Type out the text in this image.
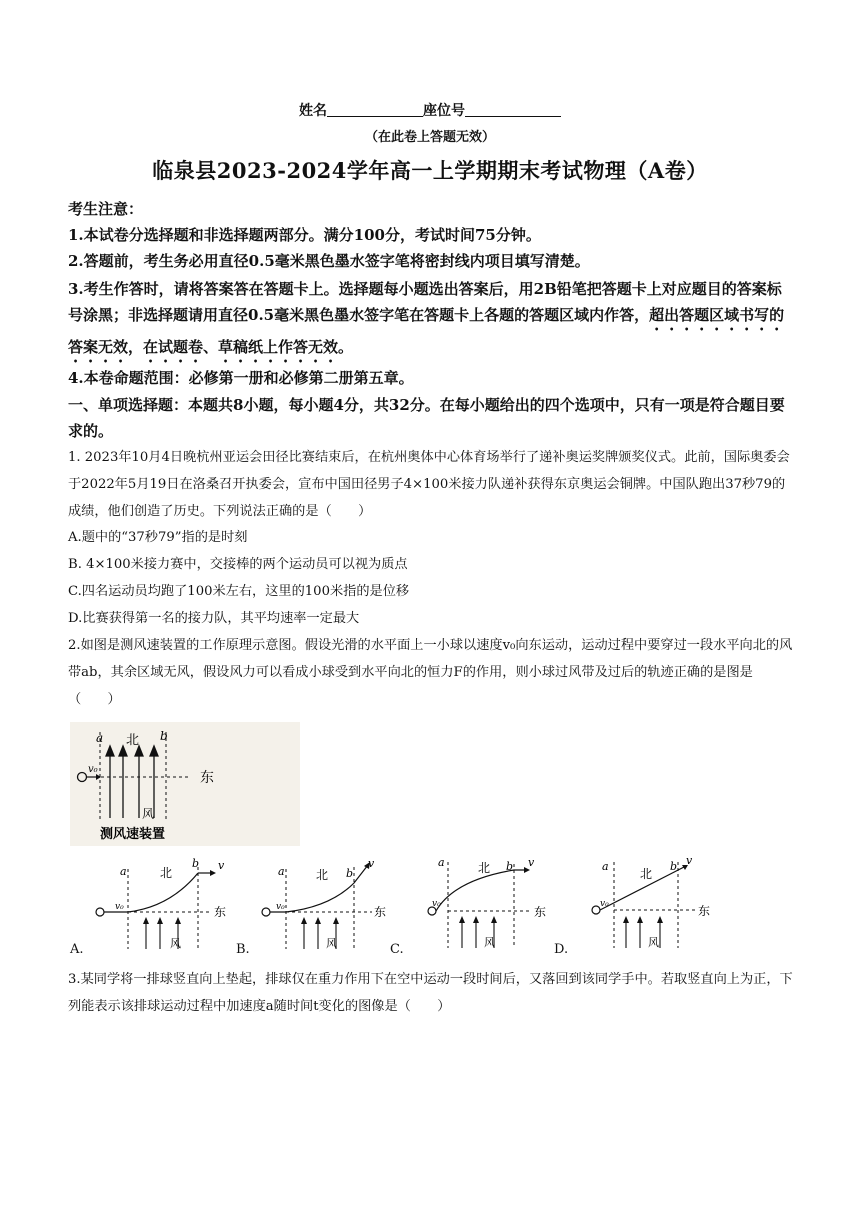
姓名	座位号
（在此卷上答题无效）
临泉县2023-2024学年高一上学期期末考试物理（A卷）
考生注意：
1.本试卷分选择题和非选择题两部分。满分100分，考试时间75分钟。
2.答题前，考生务必用直径0.5毫米黑色墨水签字笔将密封线内项目填写清楚。
3.考生作答时，请将答案答在答题卡上。选择题每小题选出答案后，用2B铅笔把答题卡上对应题目的答案标号涂黑；非选择题请用直径0.5毫米黑色墨水签字笔在答题卡上各题的答题区域内作答，超出答题区域书写的答案无效，在试题卷、草稿纸上作答无效。
4.本卷命题范围：必修第一册和必修第二册第五章。
一、单项选择题：本题共8小题，每小题4分，共32分。在每小题给出的四个选项中，只有一项是符合题目要求的。
1. 2023年10月4日晚杭州亚运会田径比赛结束后，在杭州奥体中心体育场举行了递补奥运奖牌颁奖仪式。此前，国际奥委会于2022年5月19日在洛桑召开执委会，宣布中国田径男子4×100米接力队递补获得东京奥运会铜牌。中国队跑出37秒79的成绩，他们创造了历史。下列说法正确的是（　　）
A.题中的“37秒79”指的是时刻
B. 4×100米接力赛中，交接棒的两个运动员可以视为质点
C.四名运动员均跑了100米左右，这里的100米指的是位移
D.比赛获得第一名的接力队，其平均速率一定最大
2.如图是测风速装置的工作原理示意图。假设光滑的水平面上一小球以速度v₀向东运动，运动过程中要穿过一段水平向北的风带ab，其余区域无风，假设风力可以看成小球受到水平向北的恒力F的作用，则小球过风带及过后的轨迹正确的是图是（　　）
a	b
北
v₀
东
风
测风速装置
a
b
北
风
v₀	东
v
A.
a	b
北
风
v₀	东
v
B.
a	b
北
风
v₀
东
v
C.
a	b
北
风
v₀	东
v
D.
3.某同学将一排球竖直向上垫起，排球仅在重力作用下在空中运动一段时间后，又落回到该同学手中。若取竖直向上为正，下列能表示该排球运动过程中加速度a随时间t变化的图像是（　　）
